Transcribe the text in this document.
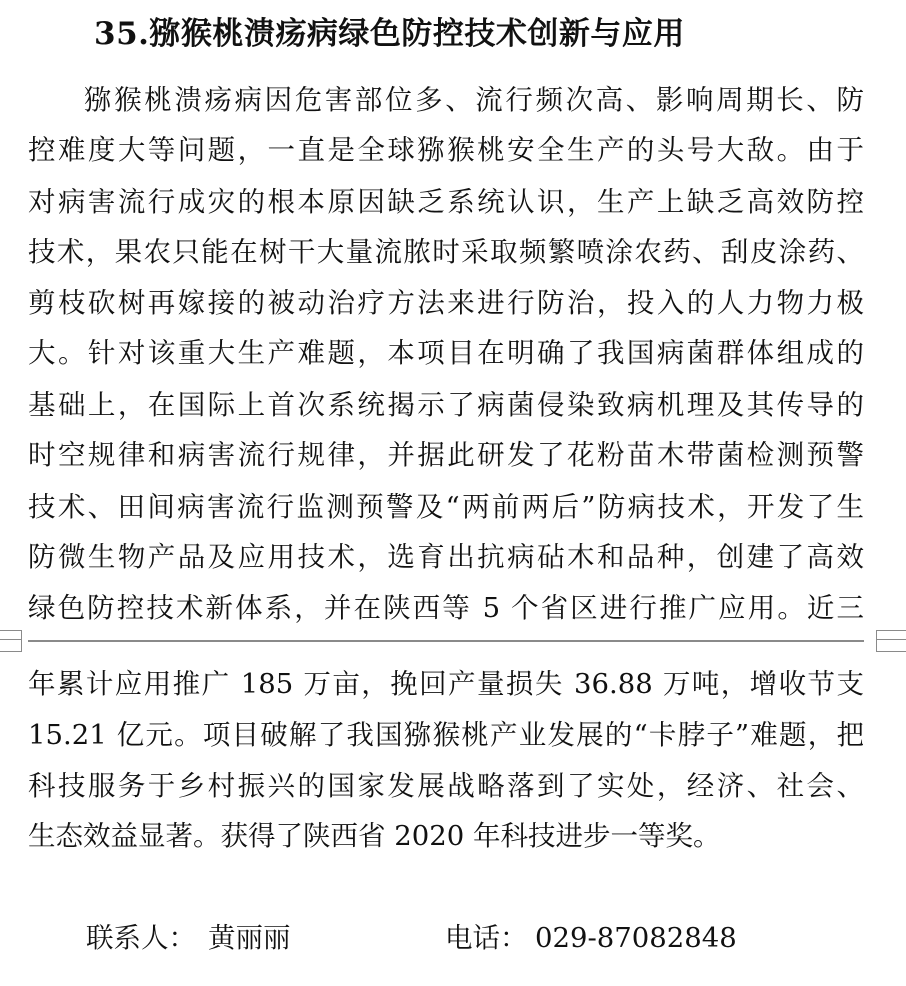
35.猕猴桃溃疡病绿色防控技术创新与应用
猕猴桃溃疡病因危害部位多、流行频次高、影响周期长、防
控难度大等问题，一直是全球猕猴桃安全生产的头号大敌。由于
对病害流行成灾的根本原因缺乏系统认识，生产上缺乏高效防控
技术，果农只能在树干大量流脓时采取频繁喷涂农药、刮皮涂药、
剪枝砍树再嫁接的被动治疗方法来进行防治，投入的人力物力极
大。针对该重大生产难题，本项目在明确了我国病菌群体组成的
基础上，在国际上首次系统揭示了病菌侵染致病机理及其传导的
时空规律和病害流行规律，并据此研发了花粉苗木带菌检测预警
技术、田间病害流行监测预警及“两前两后”防病技术，开发了生
防微生物产品及应用技术，选育出抗病砧木和品种，创建了高效
绿色防控技术新体系，并在陕西等 5 个省区进行推广应用。近三
年累计应用推广 185 万亩，挽回产量损失 36.88 万吨，增收节支
15.21 亿元。项目破解了我国猕猴桃产业发展的“卡脖子”难题，把
科技服务于乡村振兴的国家发展战略落到了实处，经济、社会、
生态效益显著。获得了陕西省 2020 年科技进步一等奖。
联系人： 黄丽丽	电话： 029-87082848
